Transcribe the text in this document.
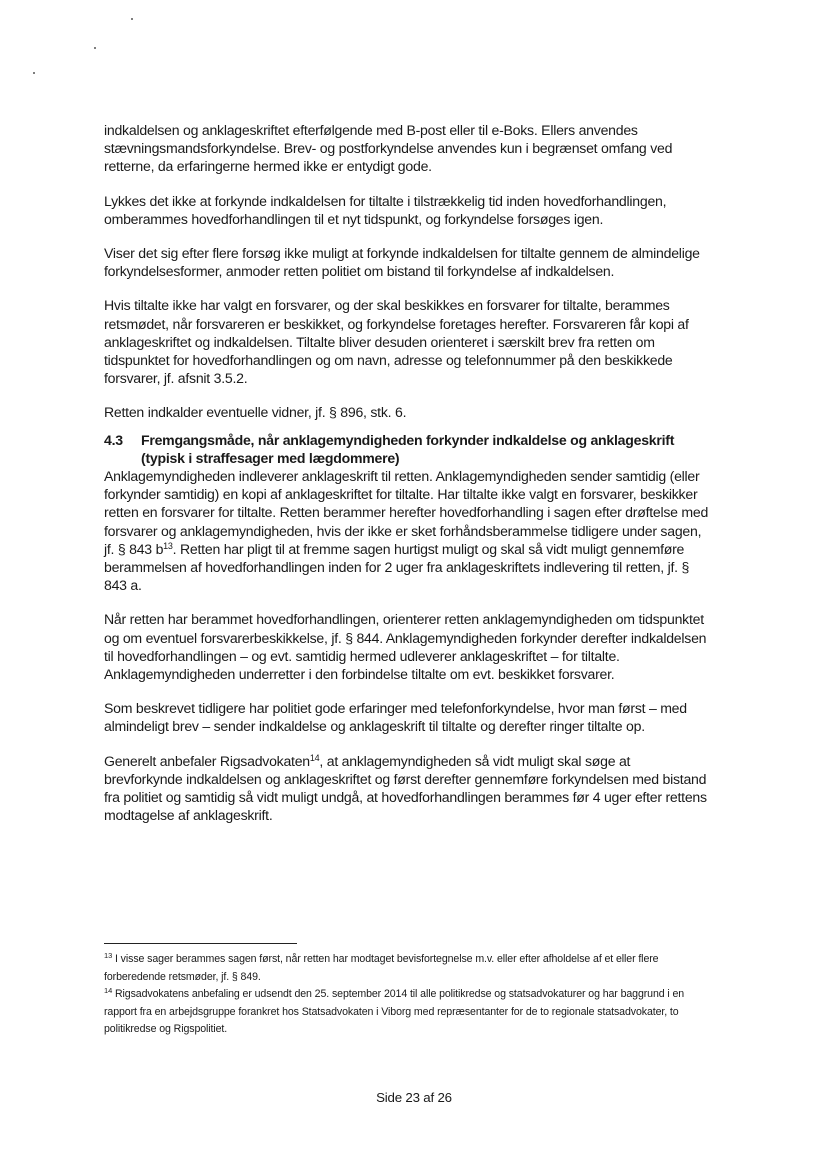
indkaldelsen og anklageskriftet efterfølgende med B-post eller til e-Boks. Ellers anvendes stævningsmandsforkyndelse. Brev- og postforkyndelse anvendes kun i begrænset omfang ved retterne, da erfaringerne hermed ikke er entydigt gode.

Lykkes det ikke at forkynde indkaldelsen for tiltalte i tilstrækkelig tid inden hovedforhandlingen, omberammes hovedforhandlingen til et nyt tidspunkt, og forkyndelse forsøges igen.

Viser det sig efter flere forsøg ikke muligt at forkynde indkaldelsen for tiltalte gennem de almindelige forkyndelsesformer, anmoder retten politiet om bistand til forkyndelse af indkaldelsen.

Hvis tiltalte ikke har valgt en forsvarer, og der skal beskikkes en forsvarer for tiltalte, berammes retsmødet, når forsvareren er beskikket, og forkyndelse foretages herefter. Forsvareren får kopi af anklageskriftet og indkaldelsen. Tiltalte bliver desuden orienteret i særskilt brev fra retten om tidspunktet for hovedforhandlingen og om navn, adresse og telefonnummer på den beskikkede forsvarer, jf. afsnit 3.5.2.

Retten indkalder eventuelle vidner, jf. § 896, stk. 6.

4.3	Fremgangsmåde, når anklagemyndigheden forkynder indkaldelse og anklageskrift (typisk i straffesager med lægdommere)

Anklagemyndigheden indleverer anklageskrift til retten. Anklagemyndigheden sender samtidig (eller forkynder samtidig) en kopi af anklageskriftet for tiltalte. Har tiltalte ikke valgt en forsvarer, beskikker retten en forsvarer for tiltalte. Retten berammer herefter hovedforhandling i sagen efter drøftelse med forsvarer og anklagemyndigheden, hvis der ikke er sket forhåndsberammelse tidligere under sagen, jf. § 843 $b^{13}$. Retten har pligt til at fremme sagen hurtigst muligt og skal så vidt muligt gennemføre berammelsen af hovedforhandlingen inden for 2 uger fra anklageskriftets indlevering til retten, jf. § 843 a.

Når retten har berammet hovedforhandlingen, orienterer retten anklagemyndigheden om tidspunktet og om eventuel forsvarerbeskikkelse, jf. § 844. Anklagemyndigheden forkynder derefter indkaldelsen til hovedforhandlingen – og evt. samtidig hermed udleverer anklageskriftet – for tiltalte. Anklagemyndigheden underretter i den forbindelse tiltalte om evt. beskikket forsvarer.

Som beskrevet tidligere har politiet gode erfaringer med telefonforkyndelse, hvor man først – med almindeligt brev – sender indkaldelse og anklageskrift til tiltalte og derefter ringer tiltalte op.

Generelt anbefaler Rigsadvokaten$^{14}$, at anklagemyndigheden så vidt muligt skal søge at brevforkynde indkaldelsen og anklageskriftet og først derefter gennemføre forkyndelsen med bistand fra politiet og samtidig så vidt muligt undgå, at hovedforhandlingen berammes før 4 uger efter rettens modtagelse af anklageskrift.

$^{13}$ I visse sager berammes sagen først, når retten har modtaget bevisfortegnelse m.v. eller efter afholdelse af et eller flere forberedende retsmøder, jf. § 849.

$^{14}$ Rigsadvokatens anbefaling er udsendt den 25. september 2014 til alle politikredse og statsadvokaturer og har baggrund i en rapport fra en arbejdsgruppe forankret hos Statsadvokaten i Viborg med repræsentanter for de to regionale statsadvokater, to politikredse og Rigspolitiet.

Side 23 af 26
